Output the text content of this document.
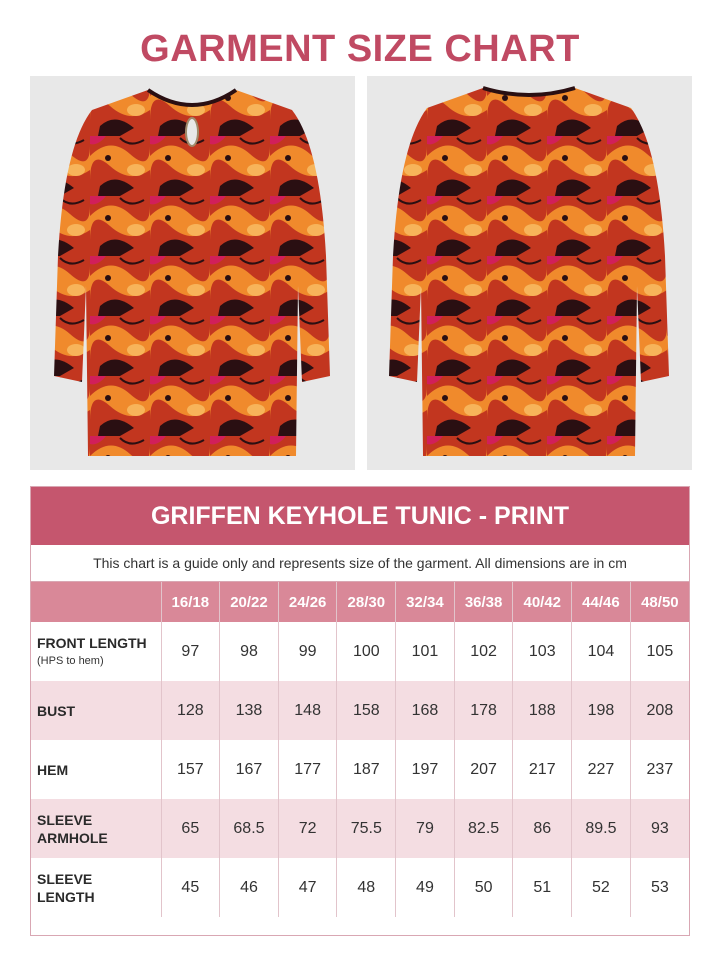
GARMENT SIZE CHART
GRIFFEN KEYHOLE TUNIC - PRINT
This chart is a guide only and represents size of the garment. All dimensions are in cm
	16/18	20/22	24/26	28/30	32/34	36/38	40/42	44/46	48/50
FRONT LENGTH
(HPS to hem)	97	98	99	100	101	102	103	104	105
BUST	128	138	148	158	168	178	188	198	208
HEM	157	167	177	187	197	207	217	227	237

SLEEVE ARMHOLE	65	68.5	72	75.5	79	82.5	86	89.5	93

SLEEVE LENGTH	45	46	47	48	49	50	51	52	53
